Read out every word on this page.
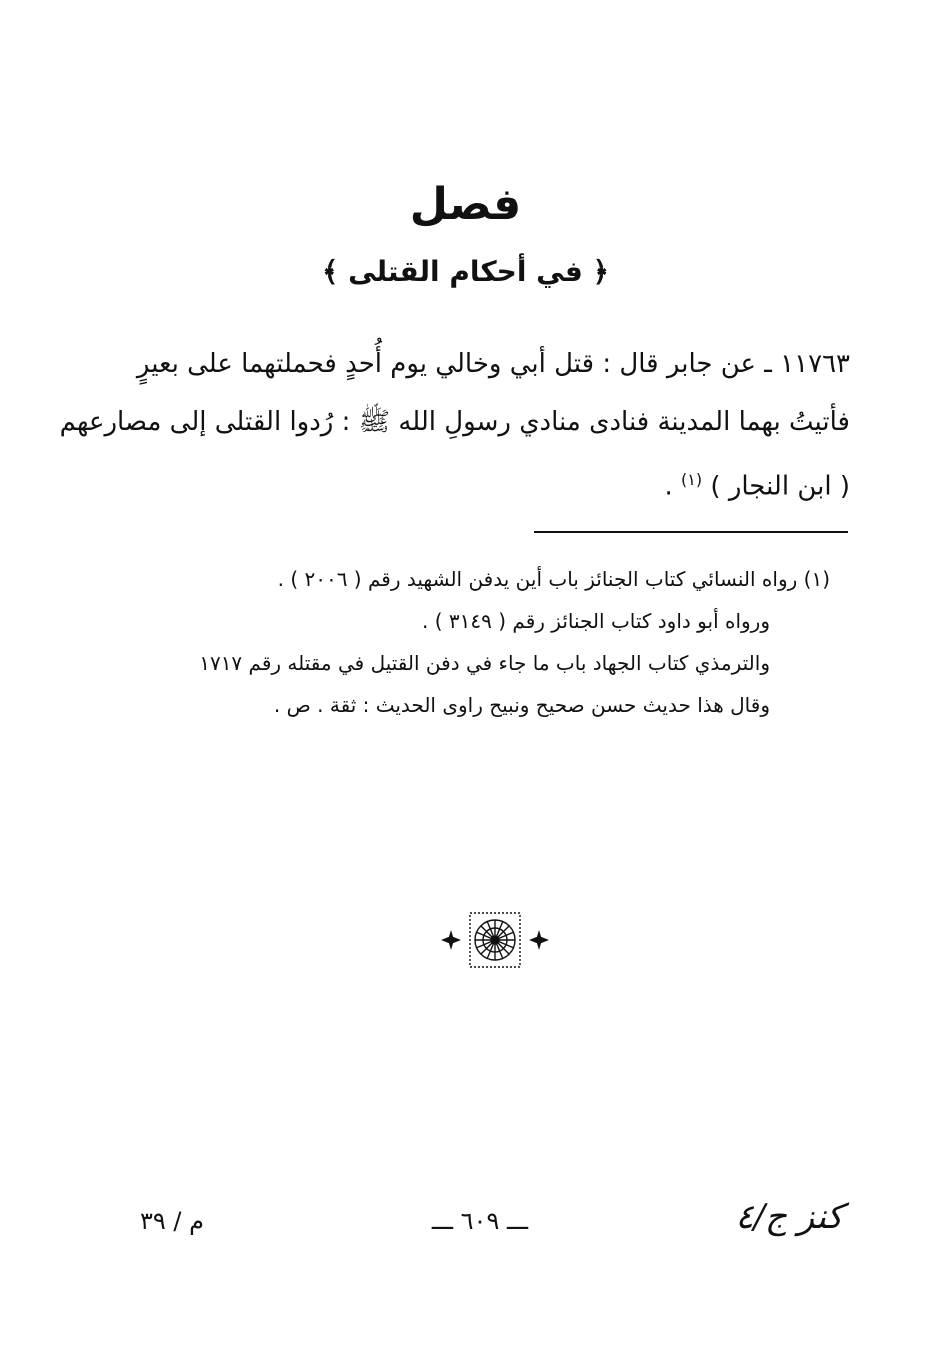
فصل
﴿ في أحكام القتلى ﴾
١١٧٦٣ ـ عن جابر قال : قتل أبي وخالي يوم أُحدٍ فحملتهما على بعيرٍ
فأتيتُ بهما المدينة فنادى منادي رسولِ الله ﷺ : رُدوا القتلى إلى مصارعهم
( ابن النجار ) $^{(١)}$ .
(١) رواه النسائي كتاب الجنائز باب أين يدفن الشهيد رقم ( ٢٠٠٦ ) .
ورواه أبو داود كتاب الجنائز رقم ( ٣١٤٩ ) .
والترمذي كتاب الجهاد باب ما جاء في دفن القتيل في مقتله رقم ١٧١٧
وقال هذا حديث حسن صحيح ونبيح راوى الحديث : ثقة . ص .
م / ٣٩	ـــ ٦٠٩ ـــ	كنز ج/٤
